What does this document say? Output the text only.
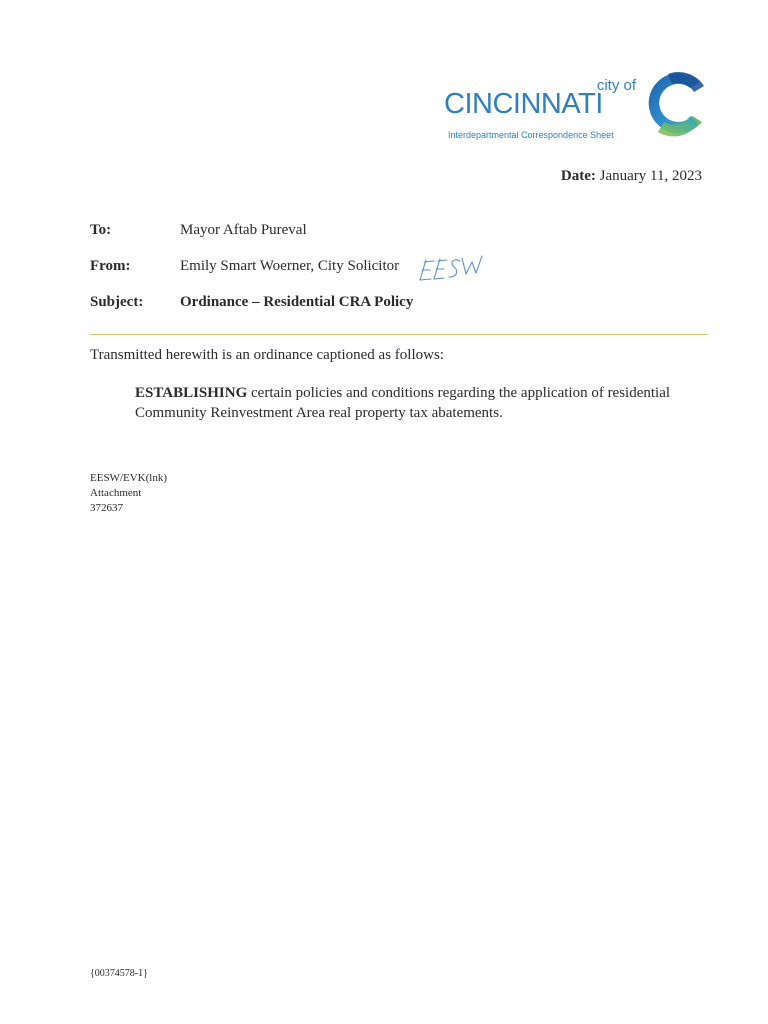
city of
CINCINNATI
Interdepartmental Correspondence Sheet
Date: January 11, 2023
To:	Mayor Aftab Pureval
From:	Emily Smart Woerner, City Solicitor
Subject:	Ordinance – Residential CRA Policy
Transmitted herewith is an ordinance captioned as follows:
ESTABLISHING certain policies and conditions regarding the application of residential Community Reinvestment Area real property tax abatements.
EESW/EVK(lnk)
Attachment
372637
{00374578-1}
